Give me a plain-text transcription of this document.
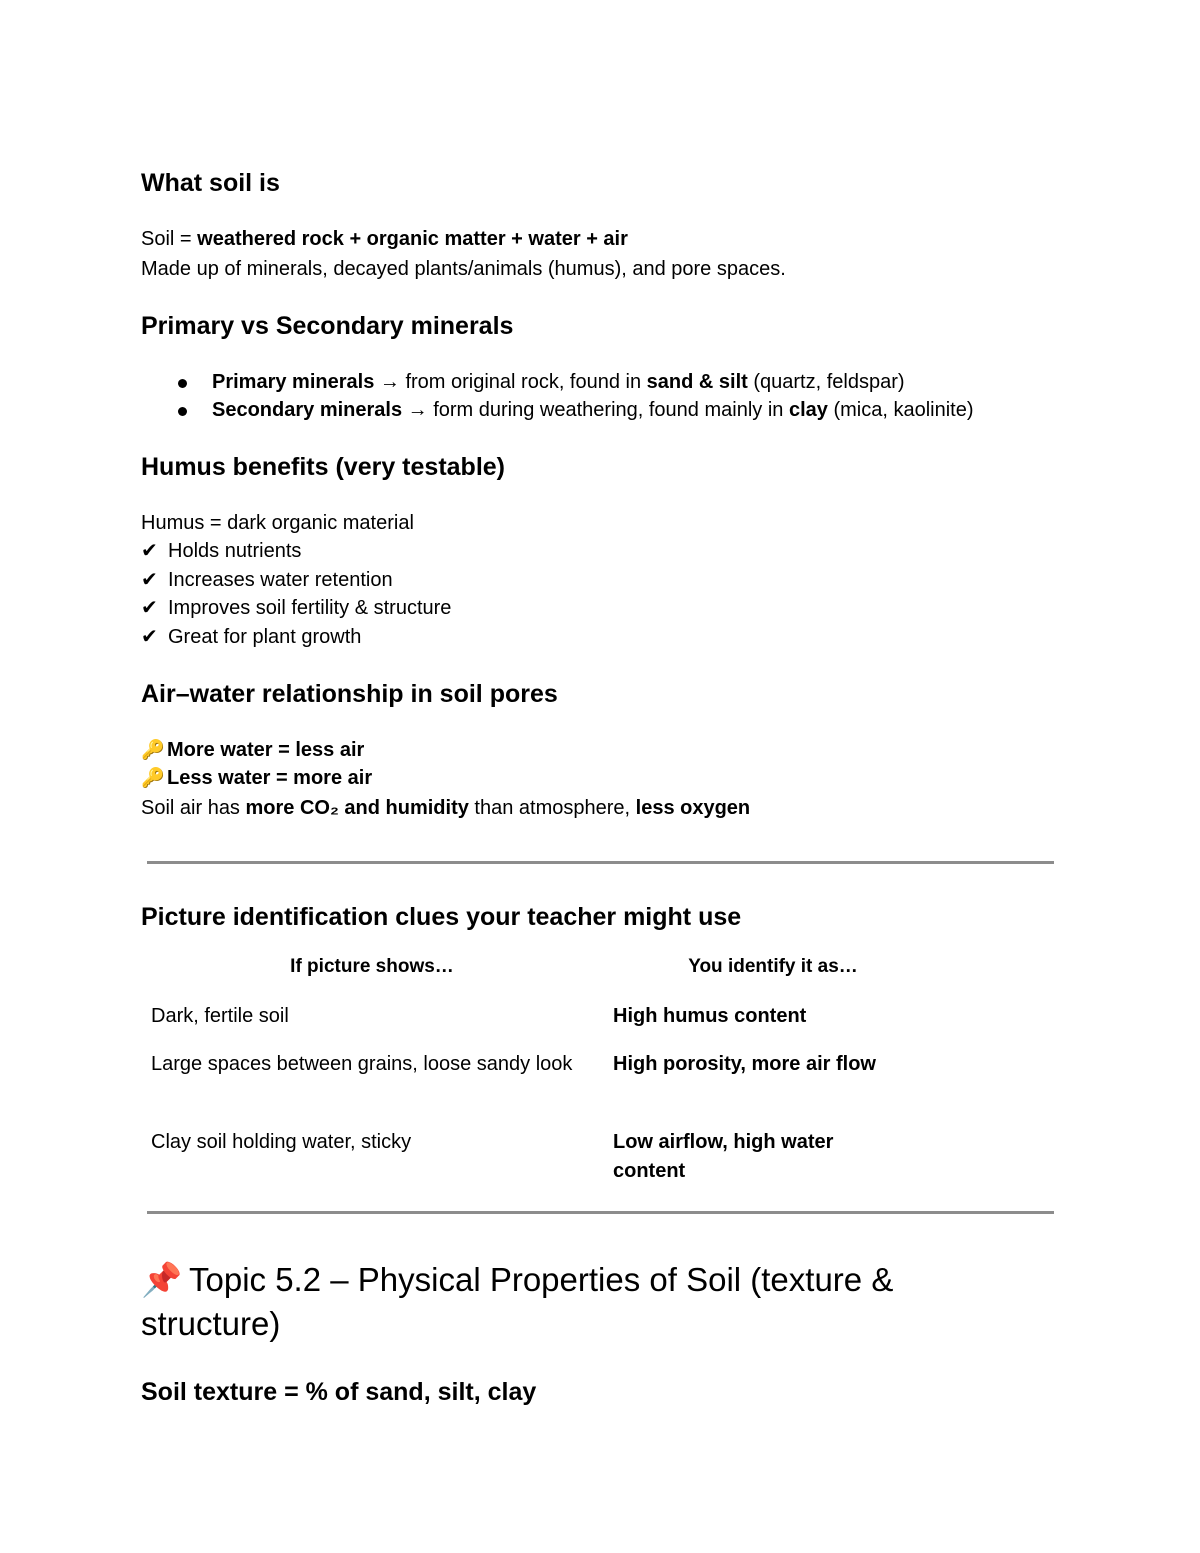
What soil is
Soil = weathered rock + organic matter + water + air
Made up of minerals, decayed plants/animals (humus), and pore spaces.
Primary vs Secondary minerals
Primary minerals → from original rock, found in sand & silt (quartz, feldspar)
Secondary minerals → form during weathering, found mainly in clay (mica, kaolinite)
Humus benefits (very testable)
Humus = dark organic material
✔ Holds nutrients
✔ Increases water retention
✔ Improves soil fertility & structure
✔ Great for plant growth
Air–water relationship in soil pores
🔑 More water = less air
🔑 Less water = more air
Soil air has more CO₂ and humidity than atmosphere, less oxygen
Picture identification clues your teacher might use
If picture shows…	You identify it as…
Dark, fertile soil	High humus content
Large spaces between grains, loose sandy look	High porosity, more air flow
Clay soil holding water, sticky	Low airflow, high water content
📌 Topic 5.2 – Physical Properties of Soil (texture & structure)
Soil texture = % of sand, silt, clay
